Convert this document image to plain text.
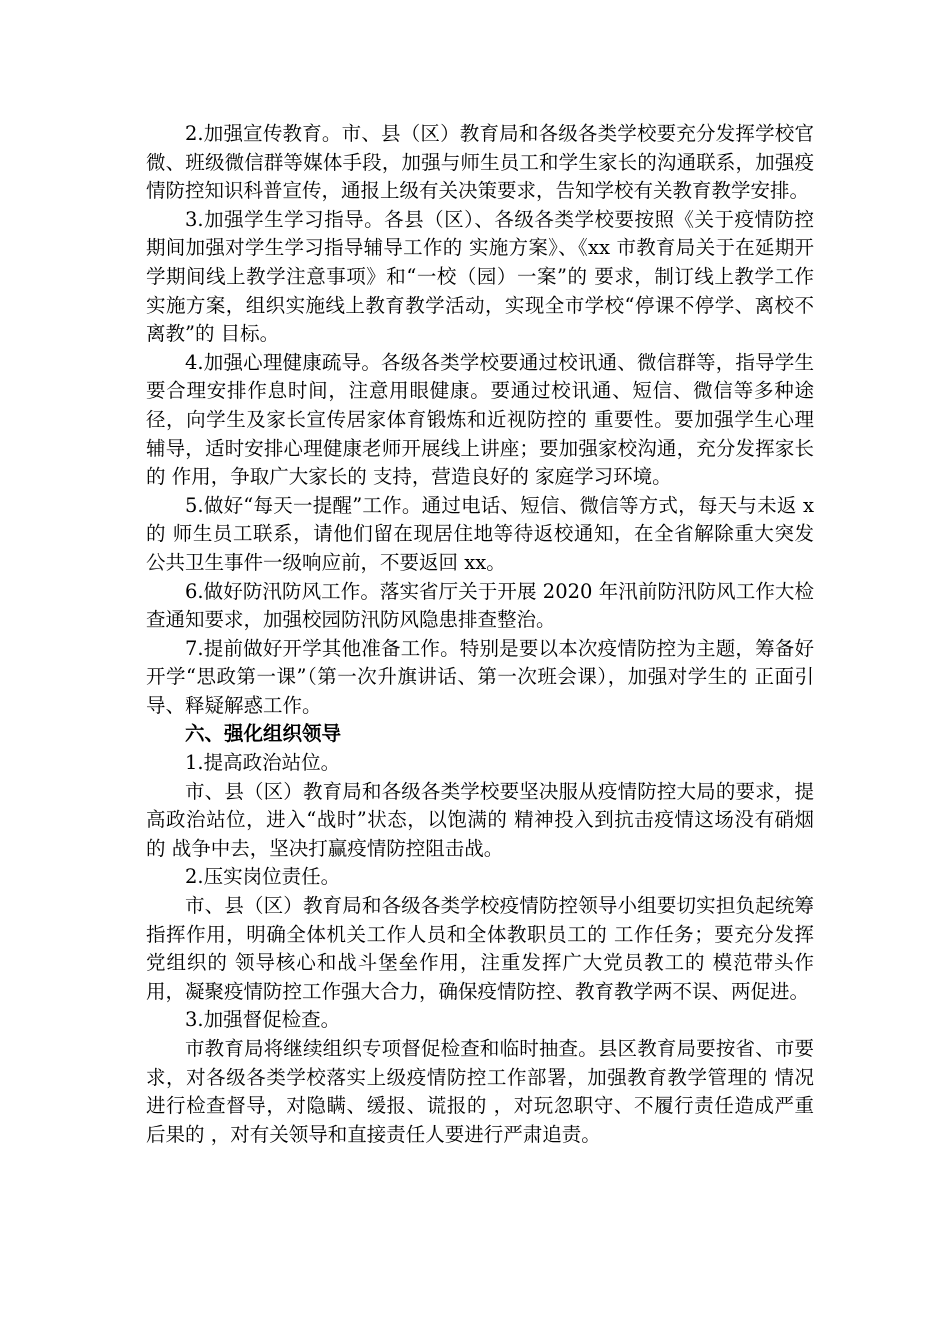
2.加强宣传教育。市、县（区）教育局和各级各类学校要充分发挥学校官微、班级微信群等媒体手段，加强与师生员工和学生家长的沟通联系，加强疫情防控知识科普宣传，通报上级有关决策要求，告知学校有关教育教学安排。

3.加强学生学习指导。各县（区）、各级各类学校要按照《关于疫情防控期间加强对学生学习指导辅导工作的 实施方案》、《xx 市教育局关于在延期开学期间线上教学注意事项》和“一校（园）一案”的 要求，制订线上教学工作实施方案，组织实施线上教育教学活动，实现全市学校“停课不停学、离校不离教”的 目标。

4.加强心理健康疏导。各级各类学校要通过校讯通、微信群等，指导学生要合理安排作息时间，注意用眼健康。要通过校讯通、短信、微信等多种途径，向学生及家长宣传居家体育锻炼和近视防控的 重要性。要加强学生心理辅导，适时安排心理健康老师开展线上讲座；要加强家校沟通，充分发挥家长的 作用，争取广大家长的 支持，营造良好的 家庭学习环境。

5.做好“每天一提醒”工作。通过电话、短信、微信等方式，每天与未返 x 的 师生员工联系，请他们留在现居住地等待返校通知，在全省解除重大突发公共卫生事件一级响应前，不要返回 xx。

6.做好防汛防风工作。落实省厅关于开展 2020 年汛前防汛防风工作大检查通知要求，加强校园防汛防风隐患排查整治。

7.提前做好开学其他准备工作。特别是要以本次疫情防控为主题，筹备好开学“思政第一课”（第一次升旗讲话、第一次班会课），加强对学生的 正面引导、释疑解惑工作。

六、强化组织领导

1.提高政治站位。

市、县（区）教育局和各级各类学校要坚决服从疫情防控大局的要求，提高政治站位，进入“战时”状态，以饱满的 精神投入到抗击疫情这场没有硝烟的 战争中去，坚决打赢疫情防控阻击战。

2.压实岗位责任。

市、县（区）教育局和各级各类学校疫情防控领导小组要切实担负起统筹指挥作用，明确全体机关工作人员和全体教职员工的 工作任务；要充分发挥党组织的 领导核心和战斗堡垒作用，注重发挥广大党员教工的 模范带头作用，凝聚疫情防控工作强大合力，确保疫情防控、教育教学两不误、两促进。

3.加强督促检查。

市教育局将继续组织专项督促检查和临时抽查。县区教育局要按省、市要求，对各级各类学校落实上级疫情防控工作部署，加强教育教学管理的 情况进行检查督导，对隐瞒、缓报、谎报的 ，对玩忽职守、不履行责任造成严重后果的 ，对有关领导和直接责任人要进行严肃追责。
